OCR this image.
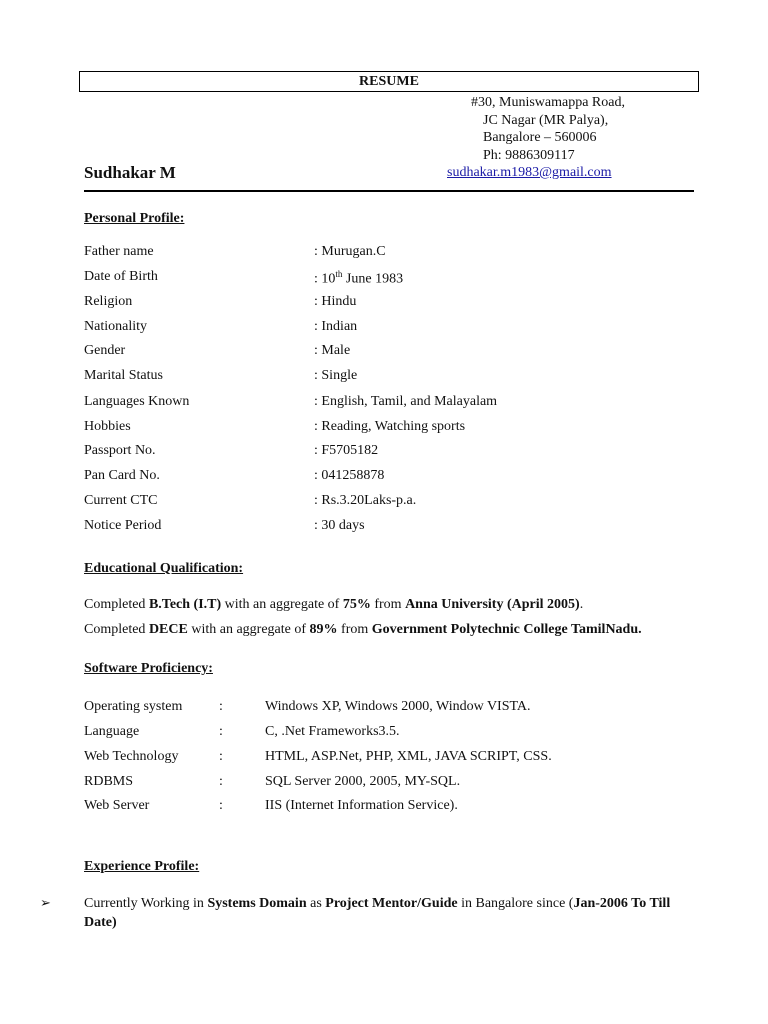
RESUME
#30, Muniswamappa Road,
JC Nagar (MR Palya),
Bangalore – 560006
Ph: 9886309117
Sudhakar M	sudhakar.m1983@gmail.com
Personal Profile:
Father name	: Murugan.C
Date of Birth	: 10th June 1983
Religion	: Hindu
Nationality	: Indian
Gender	: Male
Marital Status	: Single
Languages Known	: English, Tamil, and Malayalam
Hobbies	: Reading, Watching sports
Passport No.	: F5705182
Pan Card No.	: 041258878
Current CTC	: Rs.3.20Laks-p.a.
Notice Period	: 30 days
Educational Qualification:
Completed B.Tech (I.T) with an aggregate of 75% from Anna University (April 2005).
Completed DECE with an aggregate of 89% from Government Polytechnic College TamilNadu.
Software Proficiency:
Operating system	:	Windows XP, Windows 2000, Window VISTA.
Language	:	C, .Net Frameworks3.5.
Web Technology	:	HTML, ASP.Net, PHP, XML, JAVA SCRIPT, CSS.
RDBMS	:	SQL Server 2000, 2005, MY-SQL.
Web Server	:	IIS (Internet Information Service).
Experience Profile:
➢ Currently Working in Systems Domain as Project Mentor/Guide in Bangalore since (Jan-2006 To Till Date)
